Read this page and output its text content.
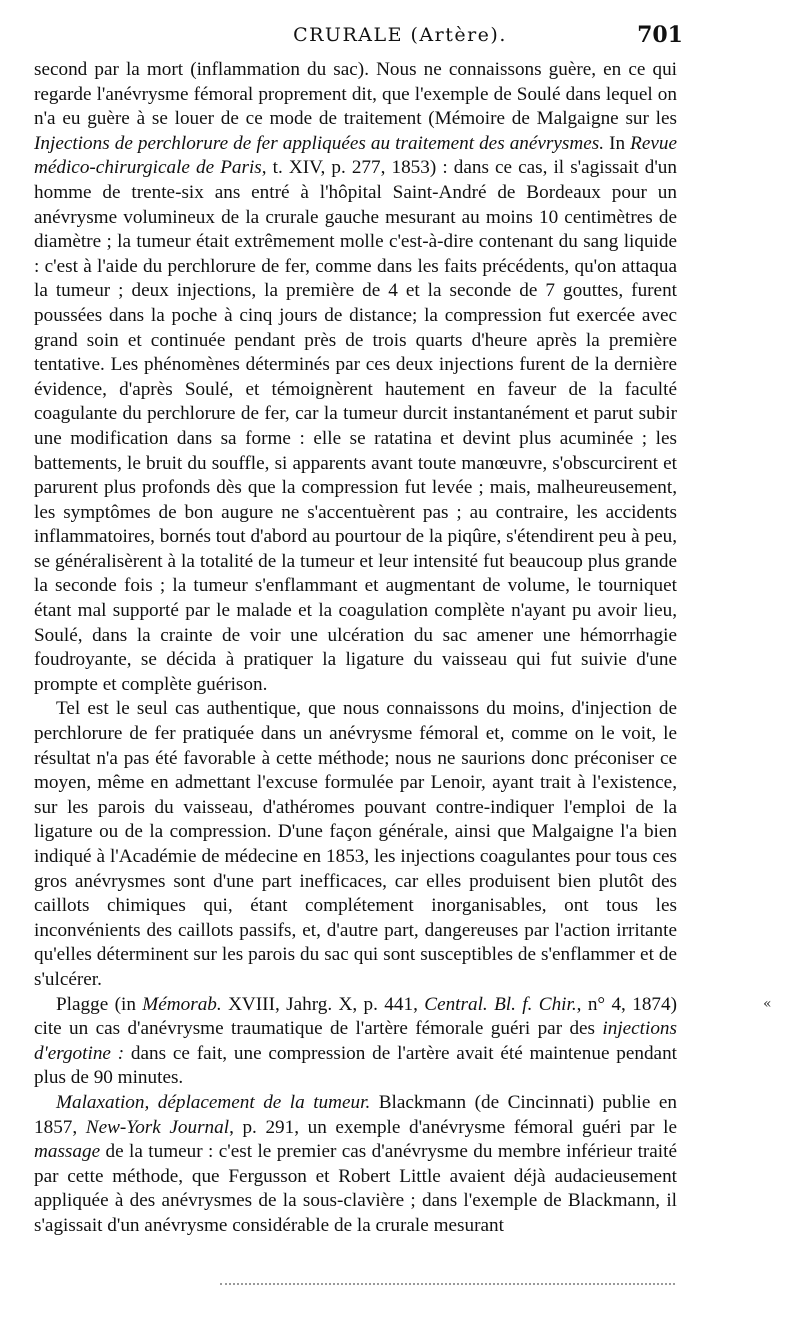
CRURALE (Artère).	701

second par la mort (inflammation du sac). Nous ne connaissons guère, en ce qui regarde l'anévrysme fémoral proprement dit, que l'exemple de Soulé dans lequel on n'a eu guère à se louer de ce mode de traitement (Mémoire de Malgaigne sur les Injections de perchlorure de fer appliquées au traitement des anévrysmes. In Revue médico-chirurgicale de Paris, t. XIV, p. 277, 1853) : dans ce cas, il s'agissait d'un homme de trente-six ans entré à l'hôpital Saint-André de Bordeaux pour un anévrysme volumineux de la crurale gauche mesurant au moins 10 centimètres de diamètre ; la tumeur était extrêmement molle c'est-à-dire contenant du sang liquide : c'est à l'aide du perchlorure de fer, comme dans les faits précédents, qu'on attaqua la tumeur ; deux injections, la première de 4 et la seconde de 7 gouttes, furent poussées dans la poche à cinq jours de distance; la compression fut exercée avec grand soin et continuée pendant près de trois quarts d'heure après la première tentative. Les phénomènes déterminés par ces deux injections furent de la dernière évidence, d'après Soulé, et témoignèrent hautement en faveur de la faculté coagulante du perchlorure de fer, car la tumeur durcit instantanément et parut subir une modification dans sa forme : elle se ratatina et devint plus acuminée ; les battements, le bruit du souffle, si apparents avant toute manœuvre, s'obscurcirent et parurent plus profonds dès que la compression fut levée ; mais, malheureusement, les symptômes de bon augure ne s'accentuèrent pas ; au contraire, les accidents inflammatoires, bornés tout d'abord au pourtour de la piqûre, s'étendirent peu à peu, se généralisèrent à la totalité de la tumeur et leur intensité fut beaucoup plus grande la seconde fois ; la tumeur s'enflammant et augmentant de volume, le tourniquet étant mal supporté par le malade et la coagulation complète n'ayant pu avoir lieu, Soulé, dans la crainte de voir une ulcération du sac amener une hémorrhagie foudroyante, se décida à pratiquer la ligature du vaisseau qui fut suivie d'une prompte et complète guérison.

Tel est le seul cas authentique, que nous connaissons du moins, d'injection de perchlorure de fer pratiquée dans un anévrysme fémoral et, comme on le voit, le résultat n'a pas été favorable à cette méthode; nous ne saurions donc préconiser ce moyen, même en admettant l'excuse formulée par Lenoir, ayant trait à l'existence, sur les parois du vaisseau, d'athéromes pouvant contre-indiquer l'emploi de la ligature ou de la compression. D'une façon générale, ainsi que Malgaigne l'a bien indiqué à l'Académie de médecine en 1853, les injections coagulantes pour tous ces gros anévrysmes sont d'une part inefficaces, car elles produisent bien plutôt des caillots chimiques qui, étant complétement inorganisables, ont tous les inconvénients des caillots passifs, et, d'autre part, dangereuses par l'action irritante qu'elles déterminent sur les parois du sac qui sont susceptibles de s'enflammer et de s'ulcérer.

Plagge (in Mémorab. XVIII, Jahrg. X, p. 441, Central. Bl. f. Chir., n° 4, 1874) cite un cas d'anévrysme traumatique de l'artère fémorale guéri par des injections d'ergotine : dans ce fait, une compression de l'artère avait été maintenue pendant plus de 90 minutes.

Malaxation, déplacement de la tumeur. Blackmann (de Cincinnati) publie en 1857, New-York Journal, p. 291, un exemple d'anévrysme fémoral guéri par le massage de la tumeur : c'est le premier cas d'anévrysme du membre inférieur traité par cette méthode, que Fergusson et Robert Little avaient déjà audacieusement appliquée à des anévrysmes de la sous-clavière ; dans l'exemple de Blackmann, il s'agissait d'un anévrysme considérable de la crurale mesurant

«
